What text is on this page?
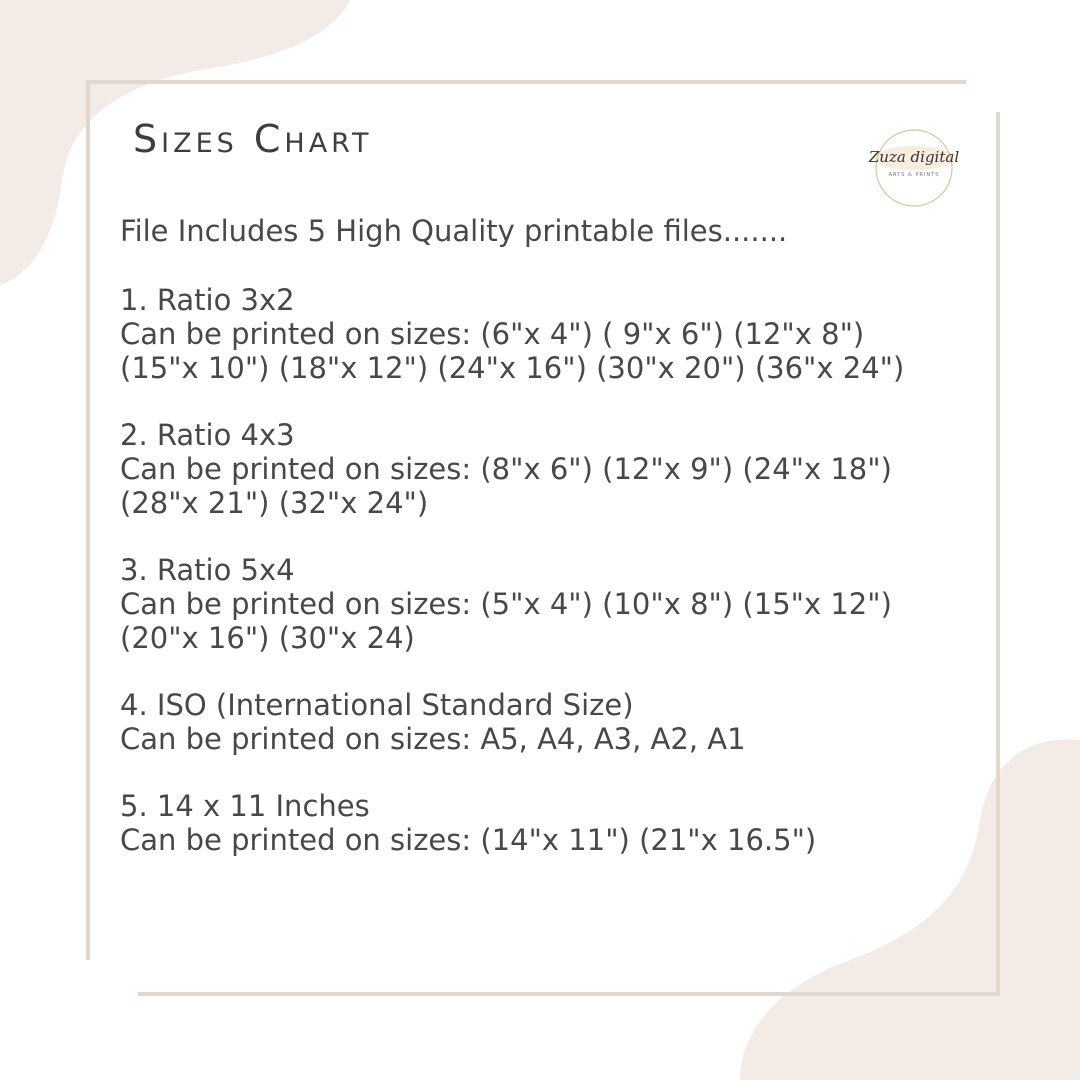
Sizes Chart	Zuza digital
ARTS & PRINTS
File Includes 5 High Quality printable files.......
1. Ratio 3x2
Can be printed on sizes: (6"x 4") ( 9"x 6") (12"x 8")
(15"x 10") (18"x 12") (24"x 16") (30"x 20") (36"x 24")
2. Ratio 4x3
Can be printed on sizes: (8"x 6") (12"x 9") (24"x 18")
(28"x 21") (32"x 24")
3. Ratio 5x4
Can be printed on sizes: (5"x 4") (10"x 8") (15"x 12")
(20"x 16") (30"x 24)
4. ISO (International Standard Size)
Can be printed on sizes: A5, A4, A3, A2, A1
5. 14 x 11 Inches
Can be printed on sizes: (14"x 11") (21"x 16.5")
